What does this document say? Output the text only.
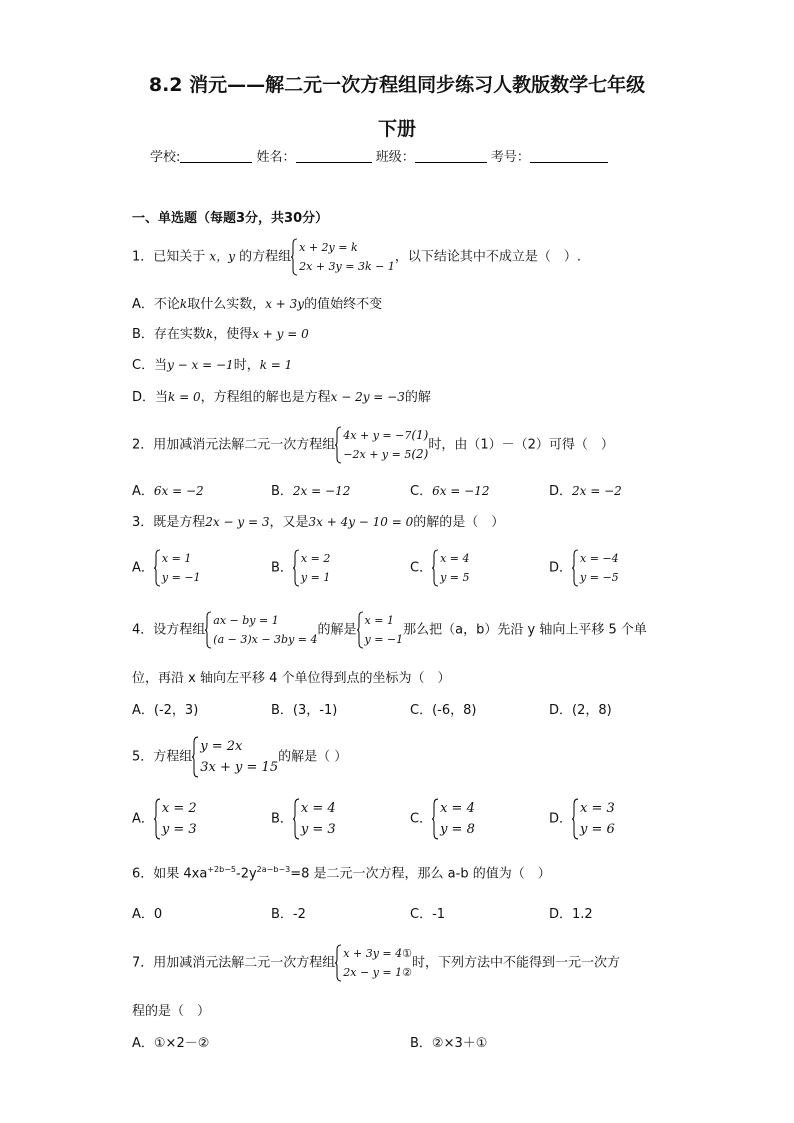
8.2 消元——解二元一次方程组同步练习人教版数学七年级
下册
学校:	姓名：	班级：	考号：
一、单选题（每题3分，共30分）
1．已知关于 x，y 的方程组
x + 2y = k
2x + 3y = 3k − 1
，以下结论其中不成立是（　）.
A．不论k取什么实数，x + 3y的值始终不变
B．存在实数k，使得x + y = 0
C．当y − x = −1时，k = 1
D．当k = 0，方程组的解也是方程x − 2y = −3的解
2．用加减消元法解二元一次方程组
4x + y = −7(1)
−2x + y = 5(2)
时，由（1）－（2）可得（　）
A．6x = −2	B．2x = −12	C．6x = −12	D．2x = −2
3．既是方程2x − y = 3，又是3x + 4y − 10 = 0的解的是（　）
A．
x = 1
y = −1
B．
x = 2
y = 1
C．
x = 4
y = 5
D．
x = −4
y = −5
4．设方程组
ax − by = 1
(a − 3)x − 3by = 4
的解是
x = 1
y = −1
那么把（a，b）先沿 y 轴向上平移 5 个单
位，再沿 x 轴向左平移 4 个单位得到点的坐标为（　）
A．(-2，3)	B．(3，-1)	C．(-6，8)	D．(2，8)
5．方程组
y = 2x
3x + y = 15
的解是（ ）
A．
x = 2
y = 3
B．
x = 4
y = 3
C．
x = 4
y = 8
D．
x = 3
y = 6
6．如果 $4xa^{+2b-5}-2y^{2a-b-3}=8$ 是二元一次方程，那么 a-b 的值为（　）
A．0	B．-2	C．-1	D．1.2
7．用加减消元法解二元一次方程组
x + 3y = 4①
2x − y = 1②
时，下列方法中不能得到一元一次方
程的是（　）
A．①×2－②	B．②×3＋①
